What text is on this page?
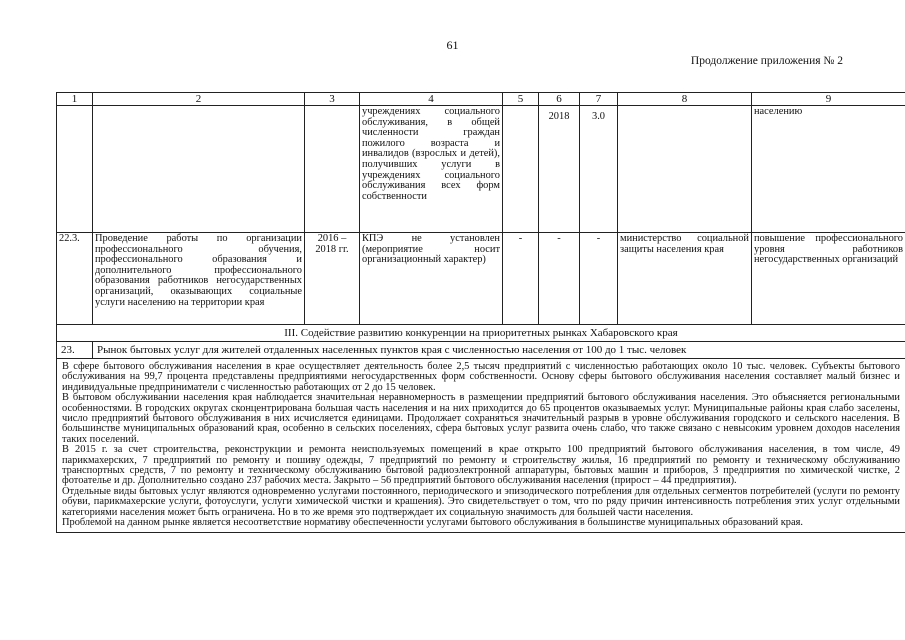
61
Продолжение приложения № 2
1	2	3	4	5	6	7	8	9
			учреждениях социального обслуживания, в общей численности граждан пожилого возраста и инвалидов (взрослых и детей), получивших услуги в учреждениях социального обслуживания всех форм собственности		2018	3.0		населению
22.3.	Проведение работы по организации профессионального обучения, профессионального образования и дополнительного профессионального образования работников негосударственных организаций, оказывающих социальные услуги населению на территории края	2016 – 2018 гг.	КПЭ не установлен (мероприятие носит организационный характер)	-	-	-	министерство социальной защиты населения края	повышение профессионального уровня работников негосударственных организаций
III. Содействие развитию конкуренции на приоритетных рынках Хабаровского края								
23.	Рынок бытовых услуг для жителей отдаленных населенных пунктов края с численностью населения от 100 до 1 тыс. человек							

В сфере бытового обслуживания населения в крае осуществляет деятельность более 2,5 тысяч предприятий с численностью работающих около 10 тыс. человек. Субъекты бытового обслуживания на 99,7 процента представлены предприятиями негосударственных форм собственности. Основу сферы бытового обслуживания населения составляет малый бизнес и индивидуальные предприниматели с численностью работающих от 2 до 15 человек.
В бытовом обслуживании населения края наблюдается значительная неравномерность в размещении предприятий бытового обслуживания населения. Это объясняется региональными особенностями. В городских округах сконцентрирована большая часть населения и на них приходится до 65 процентов оказываемых услуг. Муниципальные районы края слабо заселены, число предприятий бытового обслуживания в них исчисляется единицами. Продолжает сохраняться значительный разрыв в уровне обслуживания городского и сельского населения. В большинстве муниципальных образований края, особенно в сельских поселениях, сфера бытовых услуг развита очень слабо, что также связано с невысоким уровнем доходов населения таких поселений.
В 2015 г. за счет строительства, реконструкции и ремонта неиспользуемых помещений в крае открыто 100 предприятий бытового обслуживания населения, в том числе, 49 парикмахерских, 7 предприятий по ремонту и пошиву одежды, 7 предприятий по ремонту и строительству жилья, 16 предприятий по ремонту и техническому обслуживанию транспортных средств, 7 по ремонту и техническому обслуживанию бытовой радиоэлектронной аппаратуры, бытовых машин и приборов, 3 предприятия по химической чистке, 2 фотоателье и др. Дополнительно создано 237 рабочих места. Закрыто – 56 предприятий бытового обслуживания населения (прирост – 44 предприятия).
Отдельные виды бытовых услуг являются одновременно услугами постоянного, периодического и эпизодического потребления для отдельных сегментов потребителей (услуги по ремонту обуви, парикмахерские услуги, фотоуслуги, услуги химической чистки и крашения). Это свидетельствует о том, что по ряду причин интенсивность потребления этих услуг отдельными категориями населения может быть ограничена. Но в то же время это подтверждает их социальную значимость для большей части населения.
Проблемой на данном рынке является несоответствие нормативу обеспеченности услугами бытового обслуживания в большинстве муниципальных образований края.								
